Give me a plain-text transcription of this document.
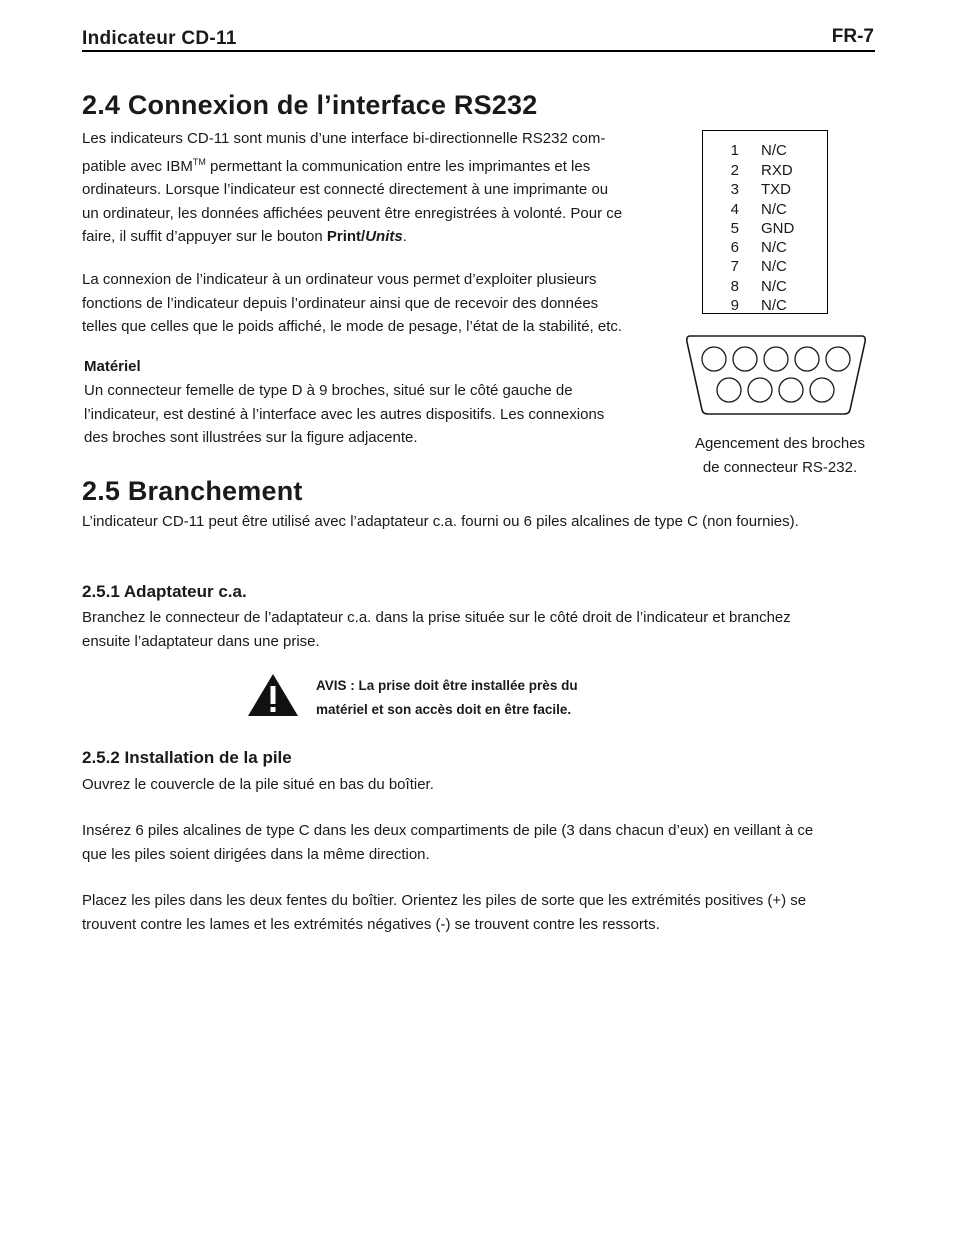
Indicateur CD-11	FR-7
2.4 Connexion de l’interface RS232
Les indicateurs CD-11 sont munis d’une interface bi-directionnelle RS232 com-
patible avec IBM™ permettant la communication entre les imprimantes et les
ordinateurs. Lorsque l’indicateur est connecté directement à une imprimante ou
un ordinateur, les données affichées peuvent être enregistrées à volonté. Pour ce
faire, il suffit d’appuyer sur le bouton Print/Units.
La connexion de l’indicateur à un ordinateur vous permet d’exploiter plusieurs
fonctions de l’indicateur depuis l’ordinateur ainsi que de recevoir des données
telles que celles que le poids affiché, le mode de pesage, l’état de la stabilité, etc.
Matériel
Un connecteur femelle de type D à 9 broches, situé sur le côté gauche de
l’indicateur, est destiné à l’interface avec les autres dispositifs. Les connexions
des broches sont illustrées sur la figure adjacente.
1 N/C
2 RXD
3 TXD
4 N/C
5 GND
6 N/C
7 N/C
8 N/C
9 N/C
Agencement des broches
de connecteur RS-232.
2.5 Branchement
L’indicateur CD-11 peut être utilisé avec l’adaptateur c.a. fourni ou 6 piles alcalines de type C (non fournies).
2.5.1 Adaptateur c.a.
Branchez le connecteur de l’adaptateur c.a. dans la prise située sur le côté droit de l’indicateur et branchez
ensuite l’adaptateur dans une prise.
AVIS : La prise doit être installée près du
matériel et son accès doit en être facile.
2.5.2 Installation de la pile
Ouvrez le couvercle de la pile situé en bas du boîtier.
Insérez 6 piles alcalines de type C dans les deux compartiments de pile (3 dans chacun d’eux) en veillant à ce
que les piles soient dirigées dans la même direction.
Placez les piles dans les deux fentes du boîtier. Orientez les piles de sorte que les extrémités positives (+) se
trouvent contre les lames et les extrémités négatives (-) se trouvent contre les ressorts.
